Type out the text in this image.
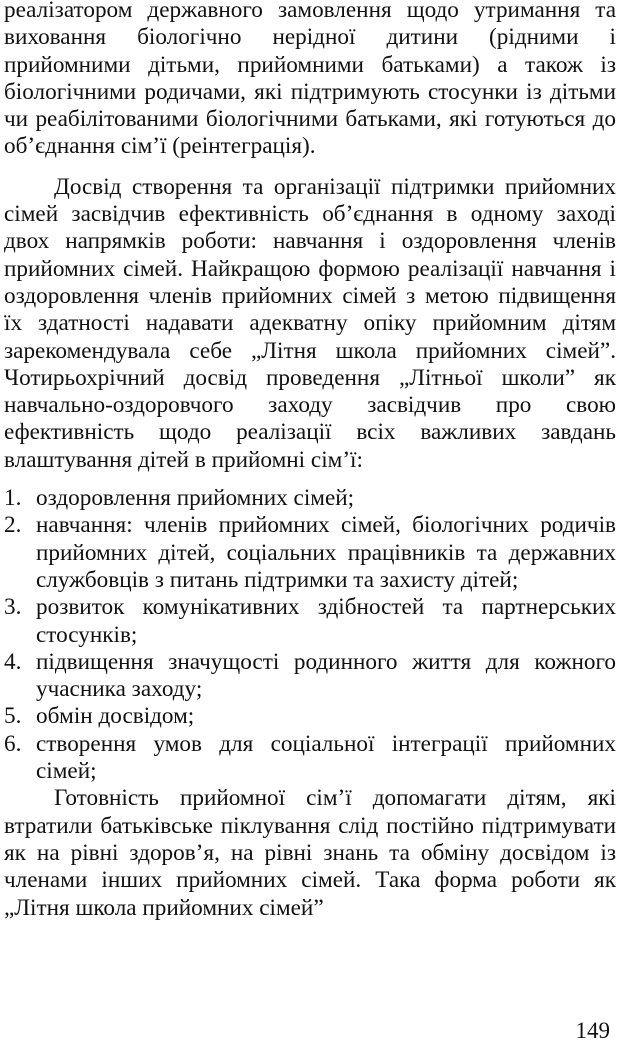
реалізатором державного замовлення щодо утримання та виховання біологічно нерідної дитини (рідними і прийомними дітьми, прийомними батьками) а також із біологічними родичами, які підтримують стосунки із дітьми чи реабілітованими біологічними батьками, які готуються до об’єднання сім’ї (реінтеграція).

Досвід створення та організації підтримки прийомних сімей засвідчив ефективність об’єднання в одному заході двох напрямків роботи: навчання і оздоровлення членів прийомних сімей. Найкращою формою реалізації навчання і оздоровлення членів прийомних сімей з метою підвищення їх здатності надавати адекватну опіку прийомним дітям зарекомендувала себе „Літня школа прийомних сімей”. Чотирьохрічний досвід проведення „Літньої школи” як навчально-оздоровчого заходу засвідчив про свою ефективність щодо реалізації всіх важливих завдань влаштування дітей в прийомні сім’ї:

1. оздоровлення прийомних сімей;
2. навчання: членів прийомних сімей, біологічних родичів прийомних дітей, соціальних працівників та державних службовців з питань підтримки та захисту дітей;
3. розвиток комунікативних здібностей та партнерських стосунків;
4. підвищення значущості родинного життя для кожного учасника заходу;
5. обмін досвідом;
6. створення умов для соціальної інтеграції прийомних сімей;

Готовність прийомної сім’ї допомагати дітям, які втратили батьківське піклування слід постійно підтримувати як на рівні здоров’я, на рівні знань та обміну досвідом із членами інших прийомних сімей. Така форма роботи як „Літня школа прийомних сімей”

149
